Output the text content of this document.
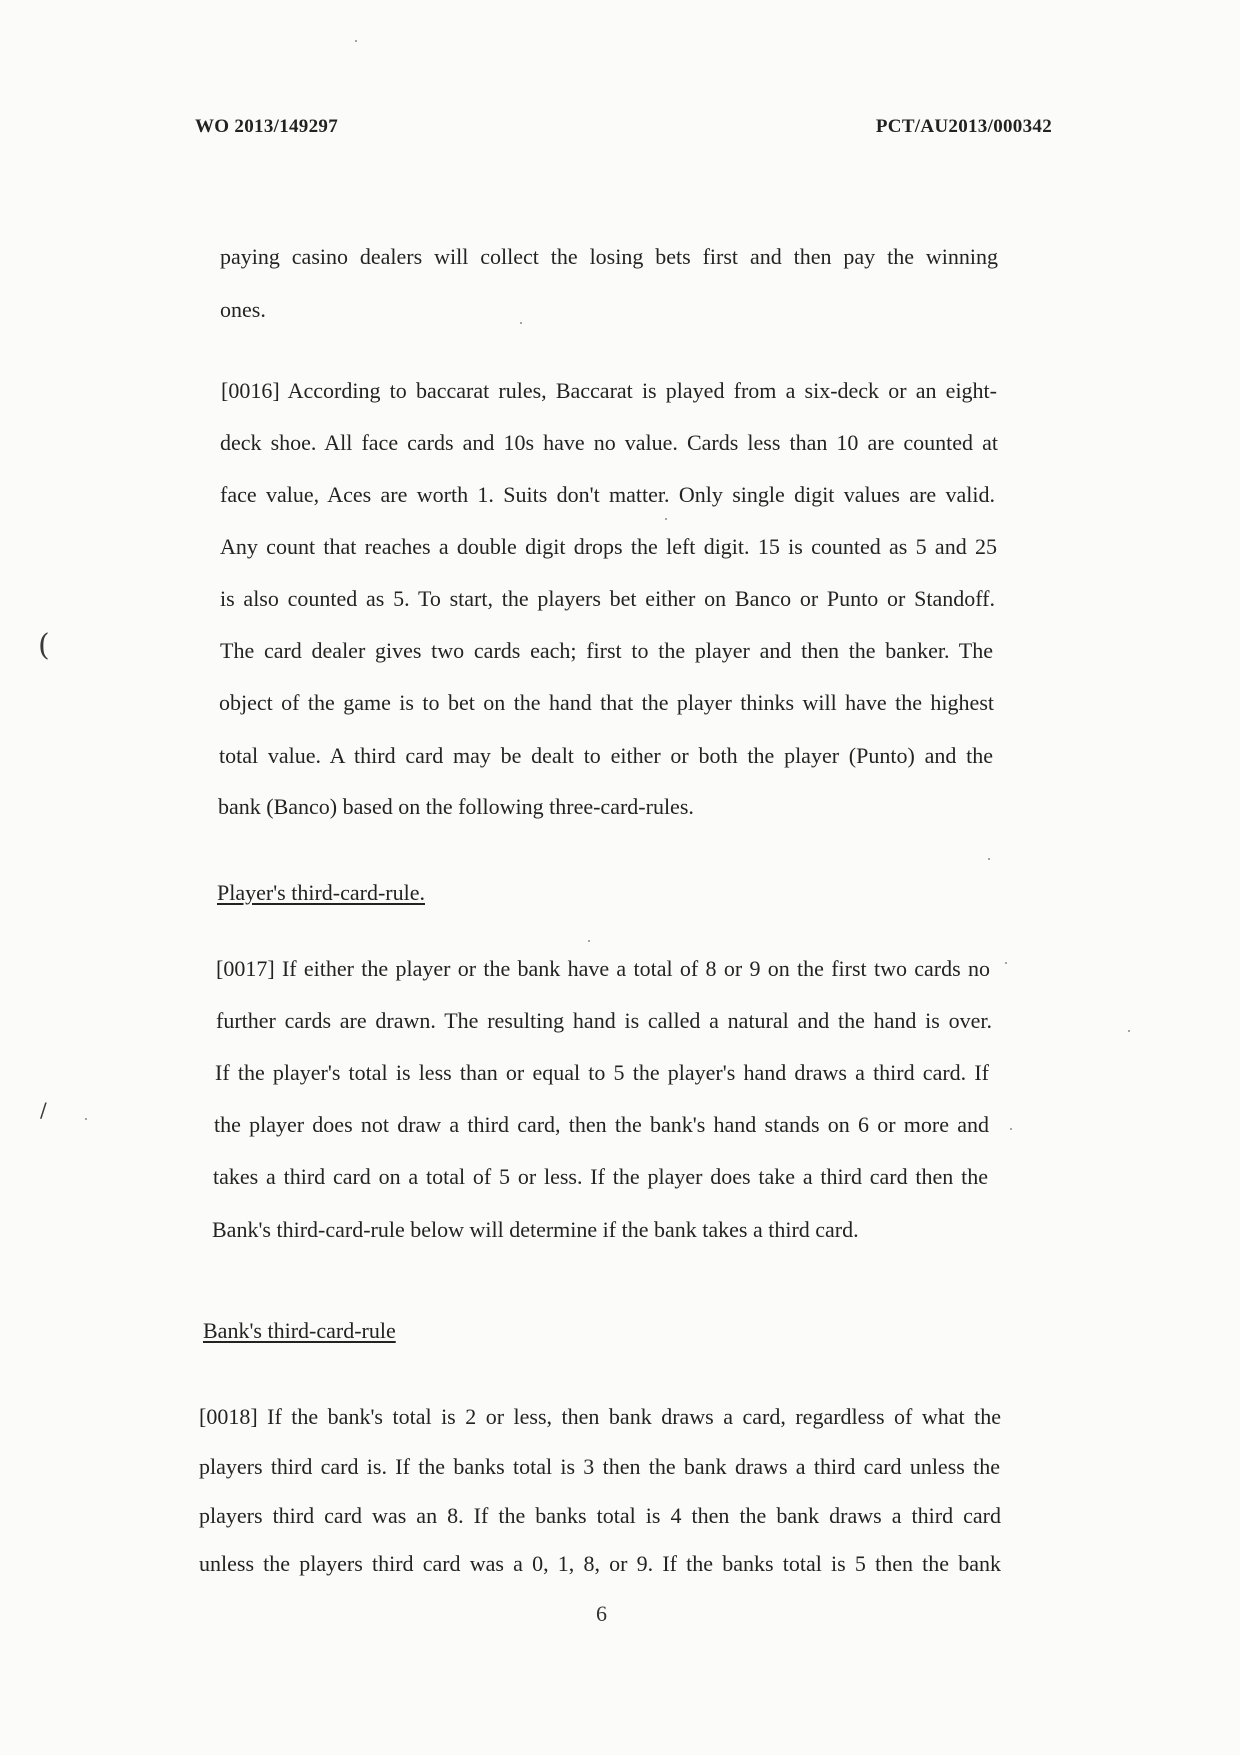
WO 2013/149297	PCT/AU2013/000342
paying casino dealers will collect the losing bets first and then pay the winning
ones.
[0016] According to baccarat rules, Baccarat is played from a six-deck or an eight-
deck shoe. All face cards and 10s have no value. Cards less than 10 are counted at
face value, Aces are worth 1. Suits don't matter. Only single digit values are valid.
Any count that reaches a double digit drops the left digit. 15 is counted as 5 and 25
is also counted as 5. To start, the players bet either on Banco or Punto or Standoff.
The card dealer gives two cards each; first to the player and then the banker. The
object of the game is to bet on the hand that the player thinks will have the highest
total value. A third card may be dealt to either or both the player (Punto) and the
bank (Banco) based on the following three-card-rules.
Player's third-card-rule.
[0017] If either the player or the bank have a total of 8 or 9 on the first two cards no
further cards are drawn. The resulting hand is called a natural and the hand is over.
If the player's total is less than or equal to 5 the player's hand draws a third card. If
the player does not draw a third card, then the bank's hand stands on 6 or more and
takes a third card on a total of 5 or less. If the player does take a third card then the
Bank's third-card-rule below will determine if the bank takes a third card.
Bank's third-card-rule
[0018] If the bank's total is 2 or less, then bank draws a card, regardless of what the
players third card is. If the banks total is 3 then the bank draws a third card unless the
players third card was an 8. If the banks total is 4 then the bank draws a third card
unless the players third card was a 0, 1, 8, or 9. If the banks total is 5 then the bank
6
(
/
